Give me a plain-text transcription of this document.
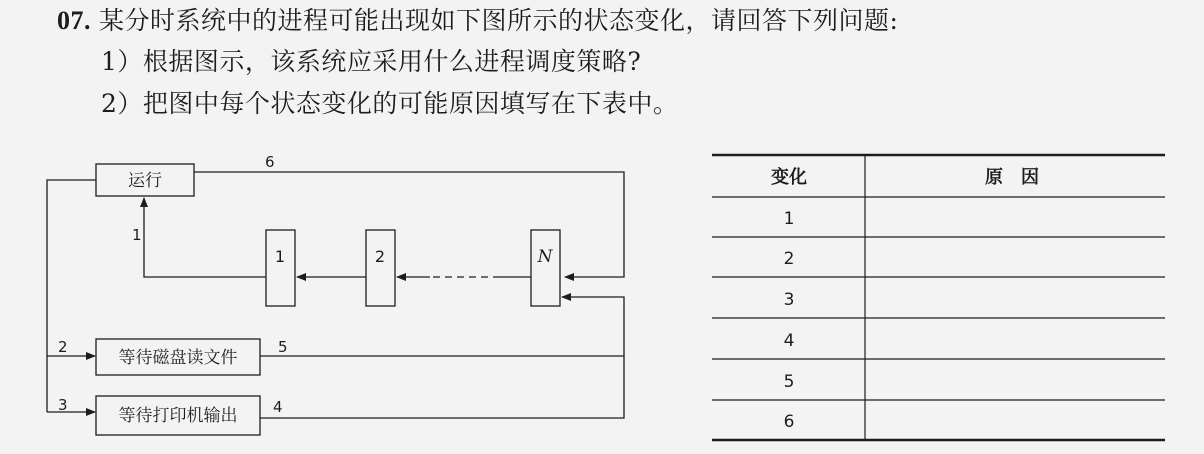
07. 某分时系统中的进程可能出现如下图所示的状态变化，请回答下列问题:
1）根据图示，该系统应采用什么进程调度策略?
2）把图中每个状态变化的可能原因填写在下表中。
运行
1	2	N
等待磁盘读文件
等待打印机输出
1
2
3	4
5
6
变化	原　因
1
2
3
4
5
6
